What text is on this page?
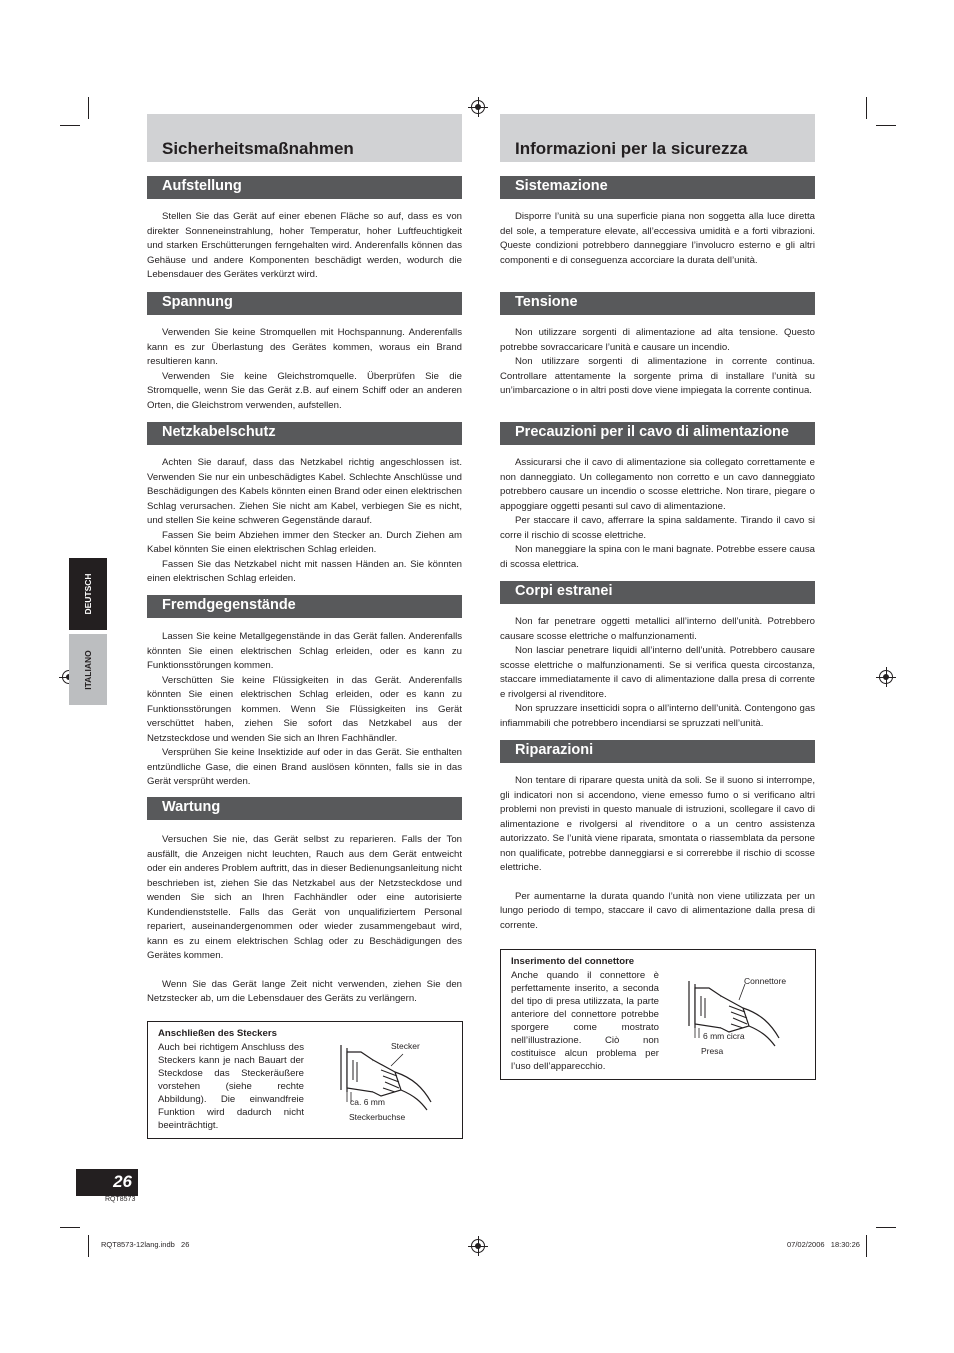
DEUTSCH
ITALIANO
Sicherheitsmaßnahmen
Aufstellung

Stellen Sie das Gerät auf einer ebenen Fläche so auf, dass es von direkter Sonneneinstrahlung, hoher Temperatur, hoher Luftfeuchtigkeit und starken Erschütterungen ferngehalten wird. Anderenfalls können das Gehäuse und andere Komponenten beschädigt werden, wodurch die Lebensdauer des Gerätes verkürzt wird.

Spannung

Verwenden Sie keine Stromquellen mit Hochspannung. Anderenfalls kann es zur Überlastung des Gerätes kommen, woraus ein Brand resultieren kann.

Verwenden Sie keine Gleichstromquelle. Überprüfen Sie die Stromquelle, wenn Sie das Gerät z.B. auf einem Schiff oder an anderen Orten, die Gleichstrom verwenden, aufstellen.

Netzkabelschutz

Achten Sie darauf, dass das Netzkabel richtig angeschlossen ist. Verwenden Sie nur ein unbeschädigtes Kabel. Schlechte Anschlüsse und Beschädigungen des Kabels könnten einen Brand oder einen elektrischen Schlag verursachen. Ziehen Sie nicht am Kabel, verbiegen Sie es nicht, und stellen Sie keine schweren Gegenstände darauf.

Fassen Sie beim Abziehen immer den Stecker an. Durch Ziehen am Kabel könnten Sie einen elektrischen Schlag erleiden.

Fassen Sie das Netzkabel nicht mit nassen Händen an. Sie könnten einen elektrischen Schlag erleiden.

Fremdgegenstände

Lassen Sie keine Metallgegenstände in das Gerät fallen. Anderenfalls könnten Sie einen elektrischen Schlag erleiden, oder es kann zu Funktionsstörungen kommen.

Verschütten Sie keine Flüssigkeiten in das Gerät. Anderenfalls könnten Sie einen elektrischen Schlag erleiden, oder es kann zu Funktionsstörungen kommen. Wenn Sie Flüssigkeiten ins Gerät verschüttet haben, ziehen Sie sofort das Netzkabel aus der Netzsteckdose und wenden Sie sich an Ihren Fachhändler.

Versprühen Sie keine Insektizide auf oder in das Gerät. Sie enthalten entzündliche Gase, die einen Brand auslösen könnten, falls sie in das Gerät versprüht werden.

Wartung

Versuchen Sie nie, das Gerät selbst zu reparieren. Falls der Ton ausfällt, die Anzeigen nicht leuchten, Rauch aus dem Gerät entweicht oder ein anderes Problem auftritt, das in dieser Bedienungsanleitung nicht beschrieben ist, ziehen Sie das Netzkabel aus der Netzsteckdose und wenden Sie sich an Ihren Fachhändler oder eine autorisierte Kundendienststelle. Falls das Gerät von unqualifiziertem Personal repariert, auseinandergenommen oder wieder zusammengebaut wird, kann es zu einem elektrischen Schlag oder zu Beschädigungen des Gerätes kommen.

Wenn Sie das Gerät lange Zeit nicht verwenden, ziehen Sie den Netzstecker ab, um die Lebensdauer des Geräts zu verlängern.

Anschließen des Steckers
Auch bei richtigem Anschluss des Steckers kann je nach Bauart der Steckdose das Steckeräußere vorstehen (siehe rechte Abbildung). Die einwandfreie Funktion wird dadurch nicht beeinträchtigt.
Stecker
ca. 6 mm
Steckerbuchse
Informazioni per la sicurezza
Sistemazione

Disporre l’unità su una superficie piana non soggetta alla luce diretta del sole, a temperature elevate, all’eccessiva umidità e a forti vibrazioni. Queste condizioni potrebbero danneggiare l’involucro esterno e gli altri componenti e di conseguenza accorciare la durata dell’unità.

Tensione

Non utilizzare sorgenti di alimentazione ad alta tensione. Questo potrebbe sovraccaricare l’unità e causare un incendio.

Non utilizzare sorgenti di alimentazione in corrente continua. Controllare attentamente la sorgente prima di installare l’unità su un’imbarcazione o in altri posti dove viene impiegata la corrente continua.

Precauzioni per il cavo di alimentazione

Assicurarsi che il cavo di alimentazione sia collegato correttamente e non danneggiato. Un collegamento non corretto e un cavo danneggiato potrebbero causare un incendio o scosse elettriche. Non tirare, piegare o appoggiare oggetti pesanti sul cavo di alimentazione.

Per staccare il cavo, afferrare la spina saldamente. Tirando il cavo si corre il rischio di scosse elettriche.

Non maneggiare la spina con le mani bagnate. Potrebbe essere causa di scossa elettrica.

Corpi estranei

Non far penetrare oggetti metallici all’interno dell’unità. Potrebbero causare scosse elettriche o malfunzionamenti.

Non lasciar penetrare liquidi all’interno dell’unità. Potrebbero causare scosse elettriche o malfunzionamenti. Se si verifica questa circostanza, staccare immediatamente il cavo di alimentazione dalla presa di corrente e rivolgersi al rivenditore.

Non spruzzare insetticidi sopra o all’interno dell’unità. Contengono gas infiammabili che potrebbero incendiarsi se spruzzati nell’unità.

Riparazioni

Non tentare di riparare questa unità da soli. Se il suono si interrompe, gli indicatori non si accendono, viene emesso fumo o si verificano altri problemi non previsti in questo manuale di istruzioni, scollegare il cavo di alimentazione e rivolgersi al rivenditore o a un centro assistenza autorizzato. Se l’unità viene riparata, smontata o riassemblata da persone non qualificate, potrebbe danneggiarsi e si correrebbe il rischio di scosse elettriche.

Per aumentarne la durata quando l’unità non viene utilizzata per un lungo periodo di tempo, staccare il cavo di alimentazione dalla presa di corrente.

Inserimento del connettore
Anche quando il connettore è perfettamente inserito, a seconda del tipo di presa utilizzata, la parte anteriore del connettore potrebbe sporgere come mostrato nell’illustrazione. Ciò non costituisce alcun problema per l’uso dell’apparecchio.
Connettore
6 mm cicra
Presa
26
RQT8573
RQT8573-12lang.indb   26	07/02/2006   18:30:26
